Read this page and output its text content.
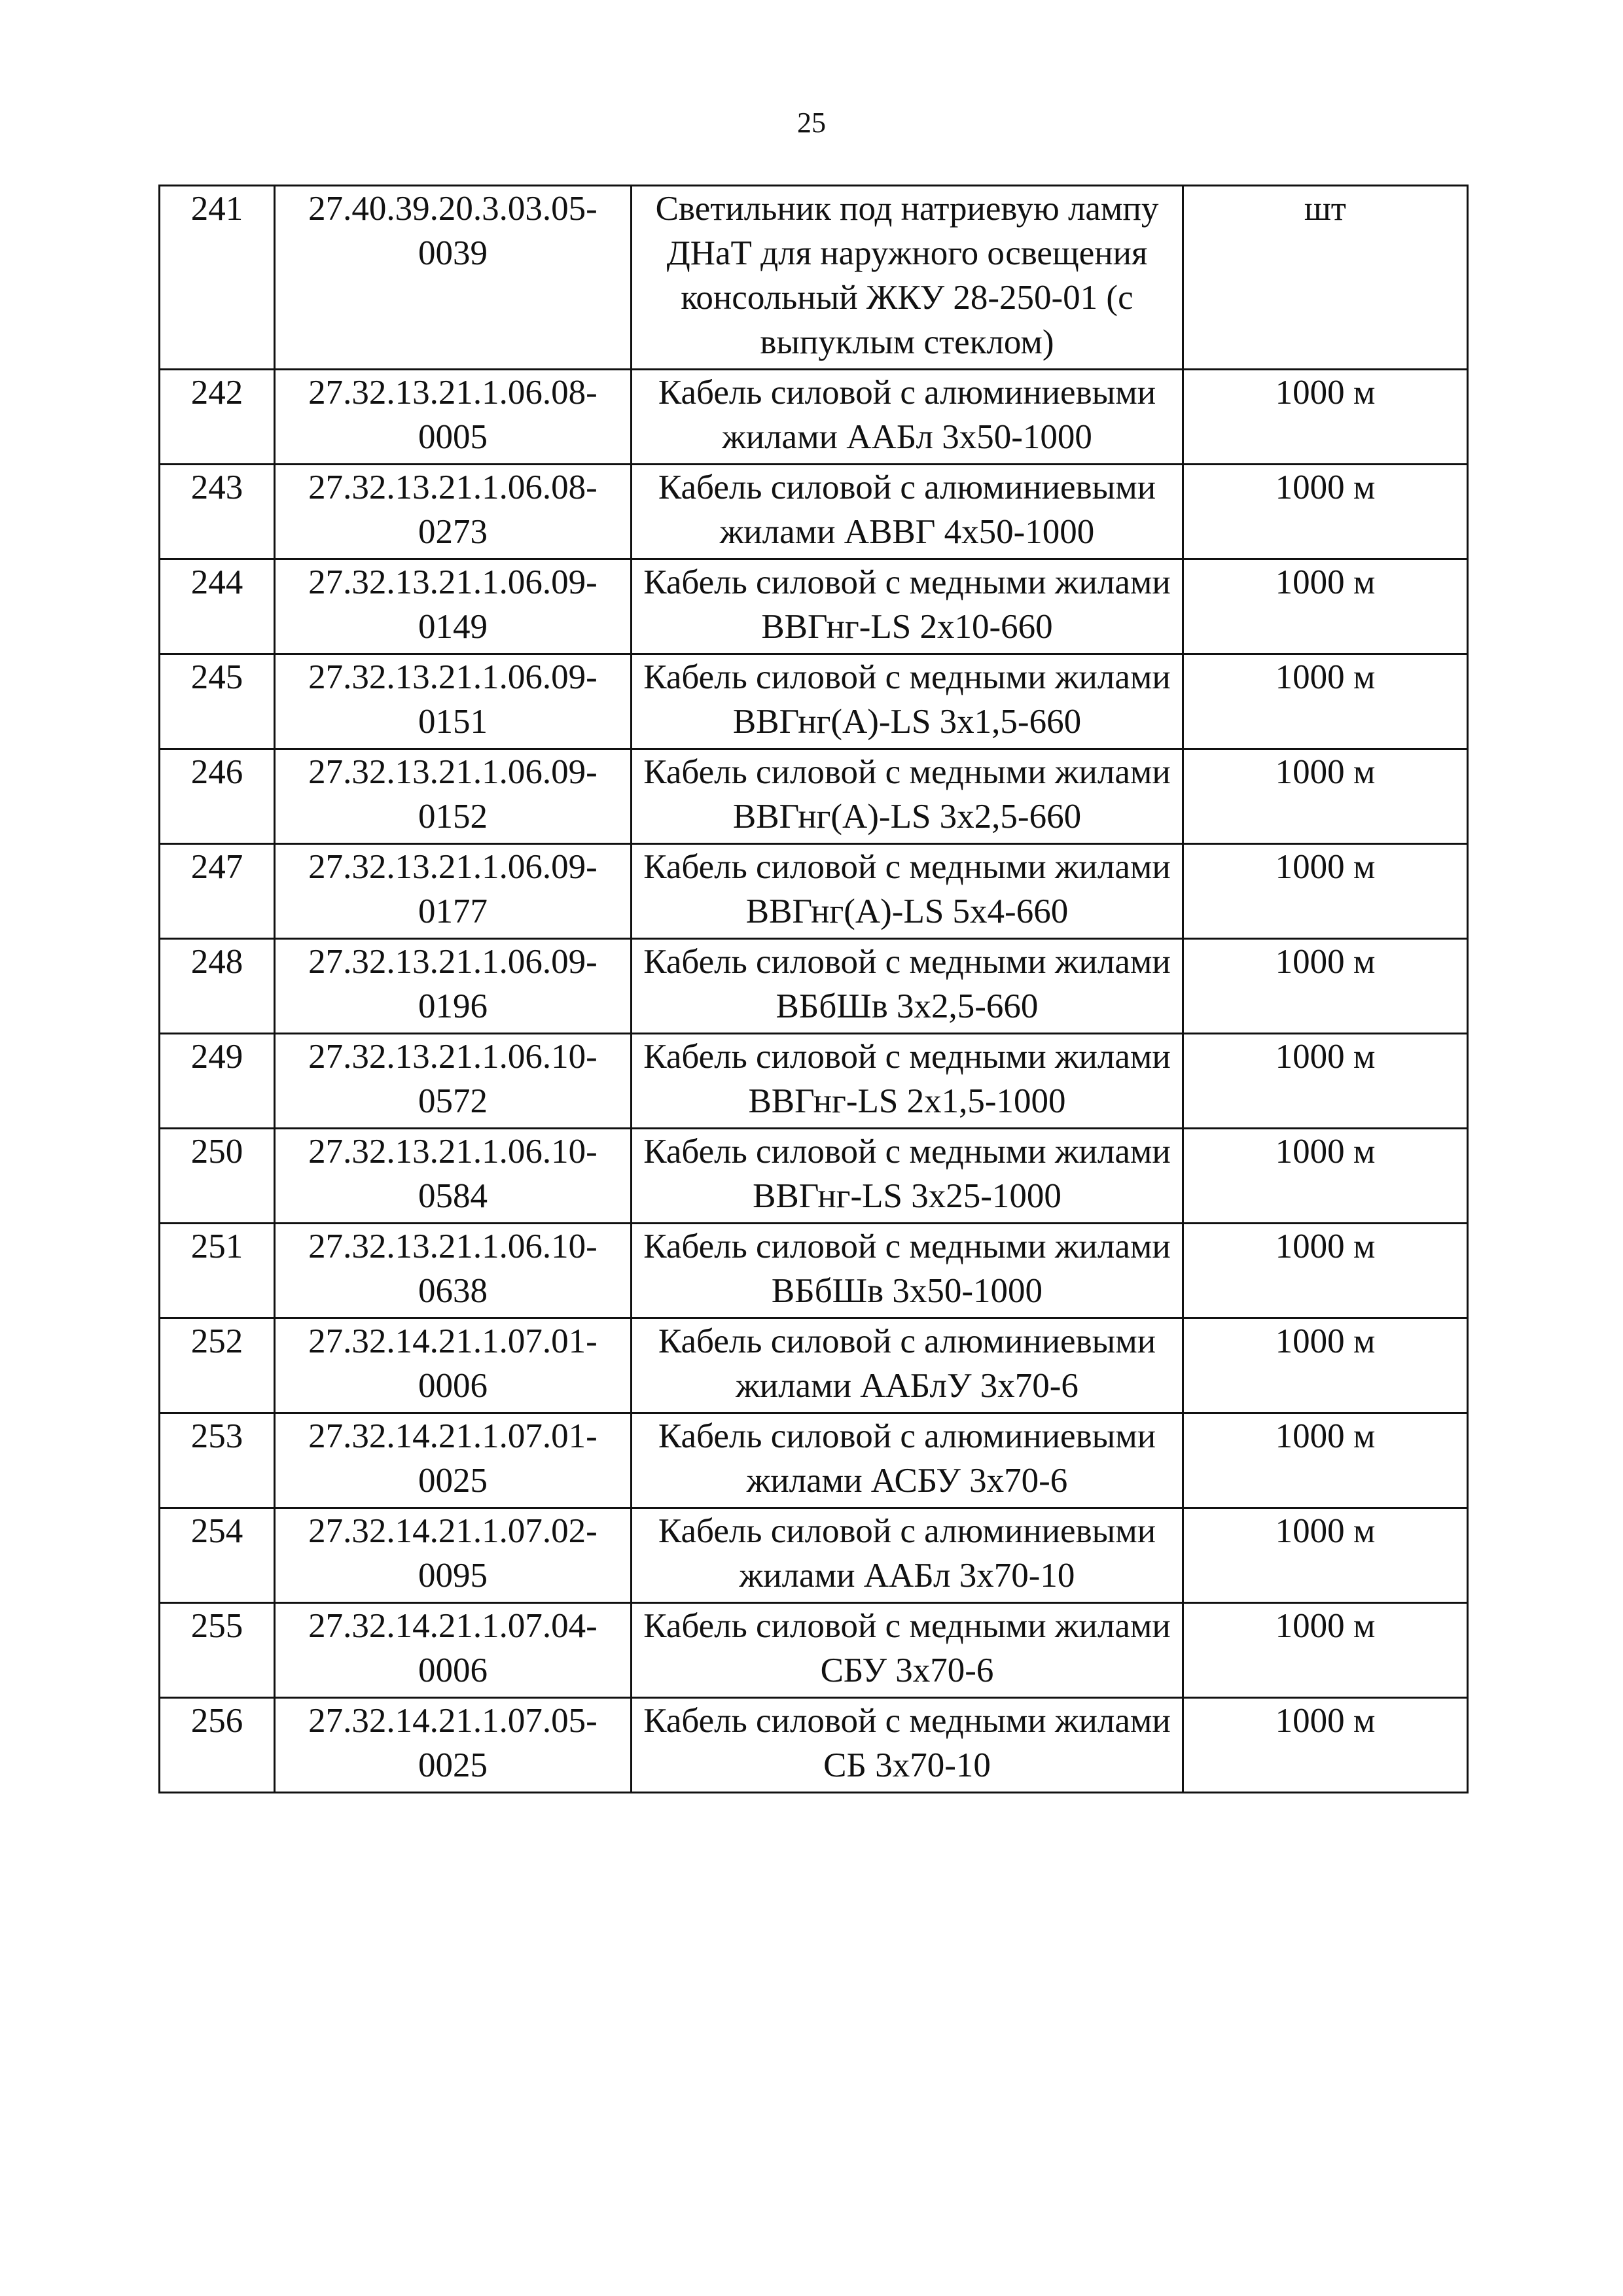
25
241	27.40.39.20.3.03.05-0039	Светильник под натриевую лампу ДНаТ для наружного освещения консольный ЖКУ 28-250-01 (с выпуклым стеклом)	шт
242	27.32.13.21.1.06.08-0005	Кабель силовой с алюминиевыми жилами ААБл 3х50-1000	1000 м
243	27.32.13.21.1.06.08-0273	Кабель силовой с алюминиевыми жилами АВВГ 4х50-1000	1000 м
244	27.32.13.21.1.06.09-0149	Кабель силовой с медными жилами ВВГнг-LS 2х10-660	1000 м
245	27.32.13.21.1.06.09-0151	Кабель силовой с медными жилами ВВГнг(А)-LS 3х1,5-660	1000 м
246	27.32.13.21.1.06.09-0152	Кабель силовой с медными жилами ВВГнг(А)-LS 3х2,5-660	1000 м
247	27.32.13.21.1.06.09-0177	Кабель силовой с медными жилами ВВГнг(А)-LS 5х4-660	1000 м
248	27.32.13.21.1.06.09-0196	Кабель силовой с медными жилами ВБбШв 3х2,5-660	1000 м
249	27.32.13.21.1.06.10-0572	Кабель силовой с медными жилами ВВГнг-LS 2х1,5-1000	1000 м
250	27.32.13.21.1.06.10-0584	Кабель силовой с медными жилами ВВГнг-LS 3х25-1000	1000 м
251	27.32.13.21.1.06.10-0638	Кабель силовой с медными жилами ВБбШв 3х50-1000	1000 м
252	27.32.14.21.1.07.01-0006	Кабель силовой с алюминиевыми жилами ААБлУ 3х70-6	1000 м
253	27.32.14.21.1.07.01-0025	Кабель силовой с алюминиевыми жилами АСБУ 3х70-6	1000 м
254	27.32.14.21.1.07.02-0095	Кабель силовой с алюминиевыми жилами ААБл 3х70-10	1000 м
255	27.32.14.21.1.07.04-0006	Кабель силовой с медными жилами СБУ 3х70-6	1000 м
256	27.32.14.21.1.07.05-0025	Кабель силовой с медными жилами СБ 3х70-10	1000 м
